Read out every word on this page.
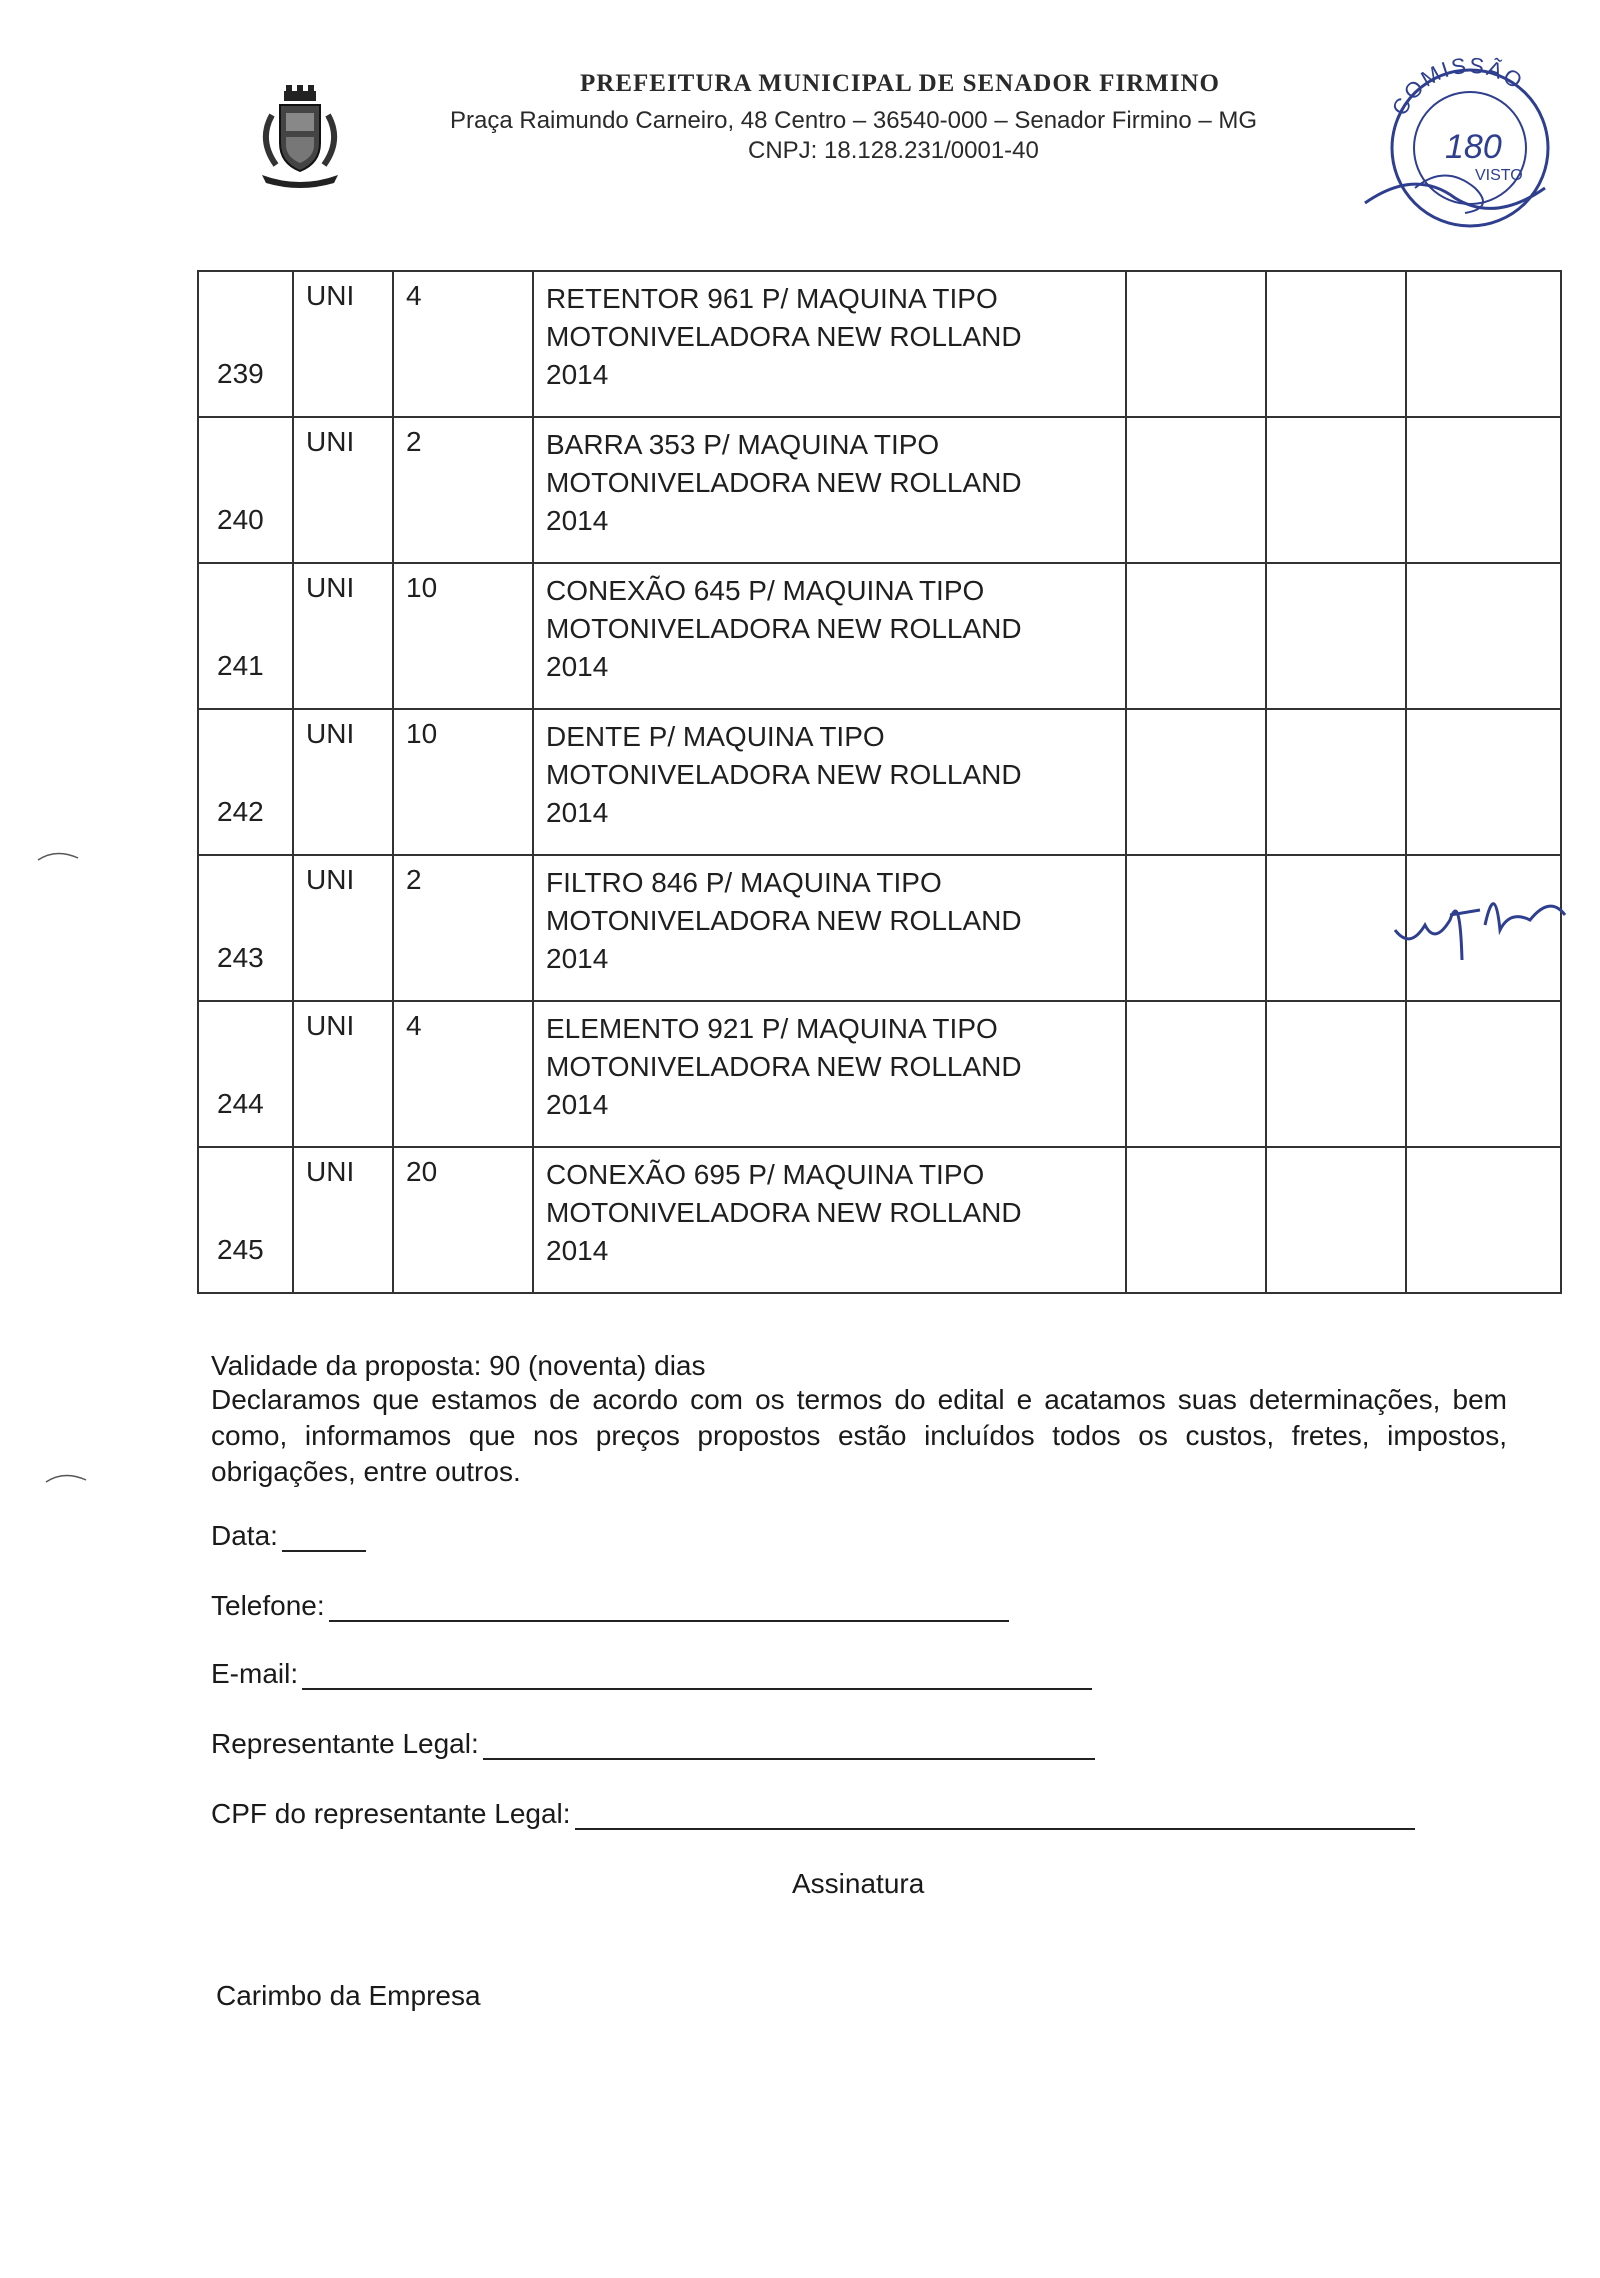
PREFEITURA MUNICIPAL DE SENADOR FIRMINO
Praça Raimundo Carneiro, 48 Centro – 36540-000 – Senador Firmino – MG
CNPJ: 18.128.231/0001-40
COMISSÃO
180
VISTO
239	UNI	4	RETENTOR 961 P/ MAQUINA TIPO
MOTONIVELADORA NEW ROLLAND
2014			

240	UNI	2	BARRA 353 P/ MAQUINA TIPO
MOTONIVELADORA NEW ROLLAND
2014			

241	UNI	10	CONEXÃO 645 P/ MAQUINA TIPO
MOTONIVELADORA NEW ROLLAND
2014			

242	UNI	10	DENTE P/ MAQUINA TIPO
MOTONIVELADORA NEW ROLLAND
2014			

243	UNI	2	FILTRO 846 P/ MAQUINA TIPO
MOTONIVELADORA NEW ROLLAND
2014			

244	UNI	4	ELEMENTO 921 P/ MAQUINA TIPO
MOTONIVELADORA NEW ROLLAND
2014			

245	UNI	20	CONEXÃO 695 P/ MAQUINA TIPO
MOTONIVELADORA NEW ROLLAND
2014			

Validade da proposta: 90 (noventa) dias
Declaramos que estamos de acordo com os termos do edital e acatamos suas determinações, bem como, informamos que nos preços propostos estão incluídos todos os custos, fretes, impostos, obrigações, entre outros.
Data:
Telefone:
E-mail:
Representante Legal:
CPF do representante Legal:
Assinatura
Carimbo da Empresa
